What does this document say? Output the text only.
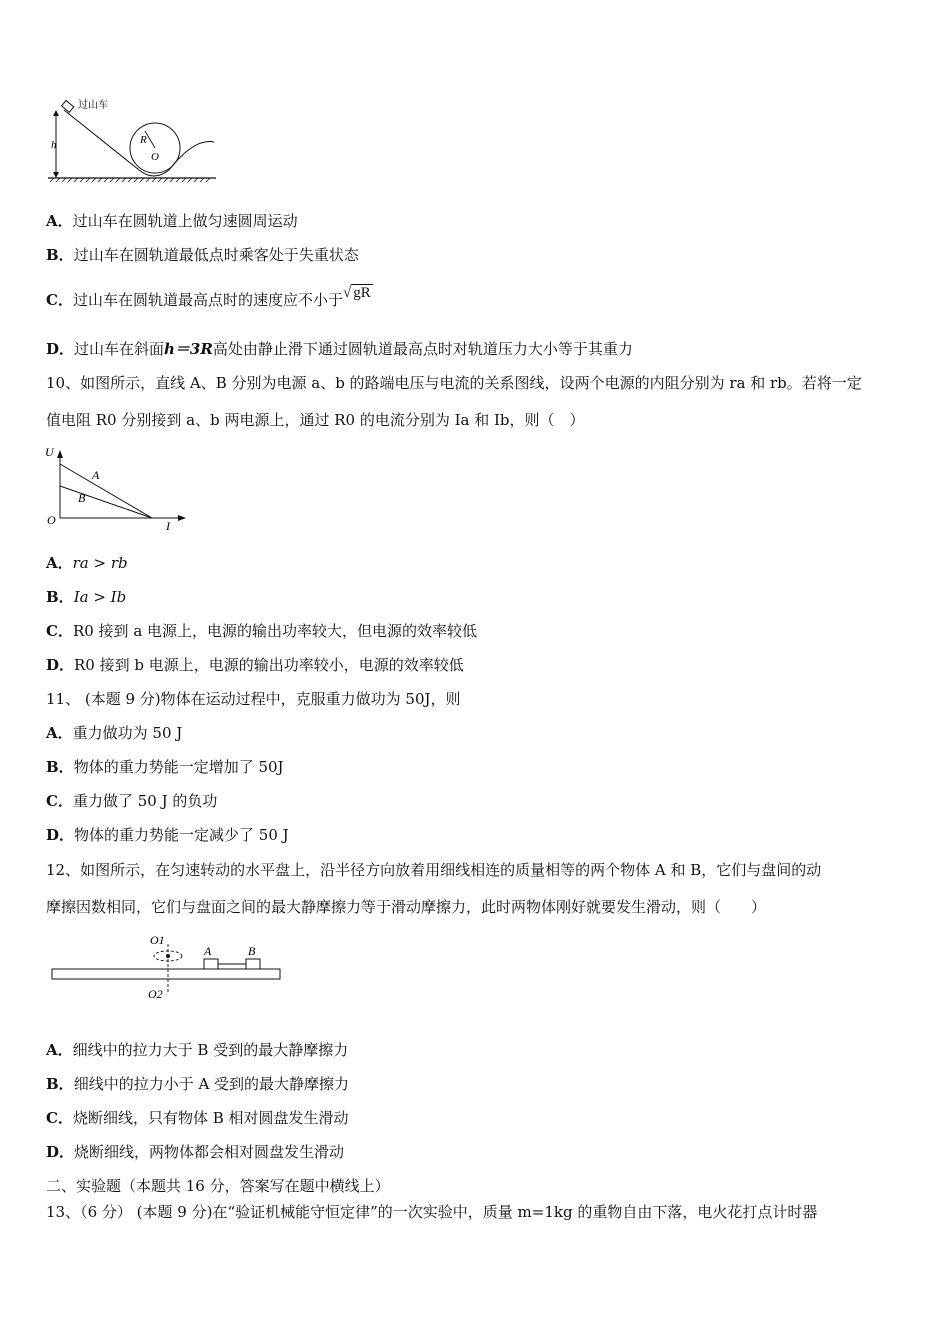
h	R
O
过山车
A．过山车在圆轨道上做匀速圆周运动
B．过山车在圆轨道最低点时乘客处于失重状态
C．过山车在圆轨道最高点时的速度应不小于√ gR
D．过山车在斜面h＝3R高处由静止滑下通过圆轨道最高点时对轨道压力大小等于其重力
10、如图所示，直线 A、B 分别为电源 a、b 的路端电压与电流的关系图线，设两个电源的内阻分别为 ra 和 rb。若将一定
值电阻 R0 分别接到 a、b 两电源上，通过 R0 的电流分别为 Ia 和 Ib，则（　）
U
I
O
A
B
A．ra > rb
B．Ia > Ib
C．R0 接到 a 电源上，电源的输出功率较大，但电源的效率较低
D．R0 接到 b 电源上，电源的输出功率较小，电源的效率较低
11、 (本题 9 分)物体在运动过程中，克服重力做功为 50J，则
A．重力做功为 50 J
B．物体的重力势能一定增加了 50J
C．重力做了 50 J 的负功
D．物体的重力势能一定减少了 50 J
12、如图所示，在匀速转动的水平盘上，沿半径方向放着用细线相连的质量相等的两个物体 A 和 B，它们与盘间的动
摩擦因数相同，它们与盘面之间的最大静摩擦力等于滑动摩擦力，此时两物体刚好就要发生滑动，则（　　）
O1
O2
A	B
A．细线中的拉力大于 B 受到的最大静摩擦力
B．细线中的拉力小于 A 受到的最大静摩擦力
C．烧断细线，只有物体 B 相对圆盘发生滑动
D．烧断细线，两物体都会相对圆盘发生滑动
二、实验题（本题共 16 分，答案写在题中横线上）
13、（6 分） (本题 9 分)在“验证机械能守恒定律”的一次实验中，质量 m=1kg 的重物自由下落，电火花打点计时器
